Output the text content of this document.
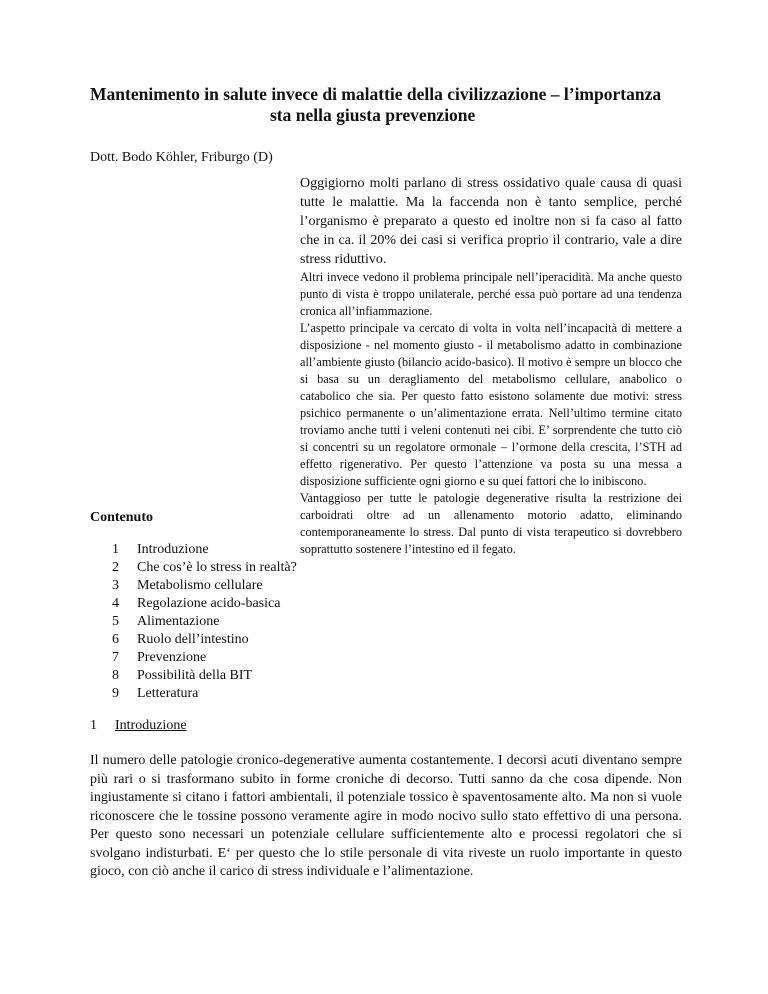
Mantenimento in salute invece di malattie della civilizzazione – l’importanza
sta nella giusta prevenzione
Dott. Bodo Köhler, Friburgo (D)

Oggigiorno molti parlano di stress ossidativo quale causa di quasi tutte le malattie. Ma la faccenda non è tanto semplice, perché l’organismo è preparato a questo ed inoltre non si fa caso al fatto che in ca. il 20% dei casi si verifica proprio il contrario, vale a dire stress riduttivo.

Altri invece vedono il problema principale nell’iperacidità. Ma anche questo punto di vista è troppo unilaterale, perché essa può portare ad una tendenza cronica all’infiammazione.

L’aspetto principale va cercato di volta in volta nell’incapacità di mettere a disposizione - nel momento giusto - il metabolismo adatto in combinazione all’ambiente giusto (bilancio acido-basico). Il motivo è sempre un blocco che si basa su un deragliamento del metabolismo cellulare, anabolico o catabolico che sia. Per questo fatto esistono solamente due motivi: stress psichico permanente o un’alimentazione errata. Nell’ultimo termine citato troviamo anche tutti i veleni contenuti nei cibi. E’ sorprendente che tutto ciò si concentri su un regolatore ormonale – l’ormone della crescita, l’STH ad effetto rigenerativo. Per questo l’attenzione va posta su una messa a disposizione sufficiente ogni giorno e su quei fattori che lo inibiscono.

Vantaggioso per tutte le patologie degenerative risulta la restrizione dei carboidrati oltre ad un allenamento motorio adatto, eliminando contemporaneamente lo stress. Dal punto di vista terapeutico si dovrebbero soprattutto sostenere l’intestino ed il fegato.

Contenuto
1	Introduzione
2	Che cos’è lo stress in realtà?
3	Metabolismo cellulare
4	Regolazione acido-basica
5	Alimentazione
6	Ruolo dell’intestino
7	Prevenzione
8	Possibilità della BIT
9	Letteratura
1 Introduzione

Il numero delle patologie cronico-degenerative aumenta costantemente. I decorsi acuti diventano sempre più rari o si trasformano subito in forme croniche di decorso. Tutti sanno da che cosa dipende. Non ingiustamente si citano i fattori ambientali, il potenziale tossico è spaventosamente alto. Ma non si vuole riconoscere che le tossine possono veramente agire in modo nocivo sullo stato effettivo di una persona. Per questo sono necessari un potenziale cellulare sufficientemente alto e processi regolatori che si svolgano indisturbati. E‘ per questo che lo stile personale di vita riveste un ruolo importante in questo gioco, con ciò anche il carico di stress individuale e l’alimentazione.
